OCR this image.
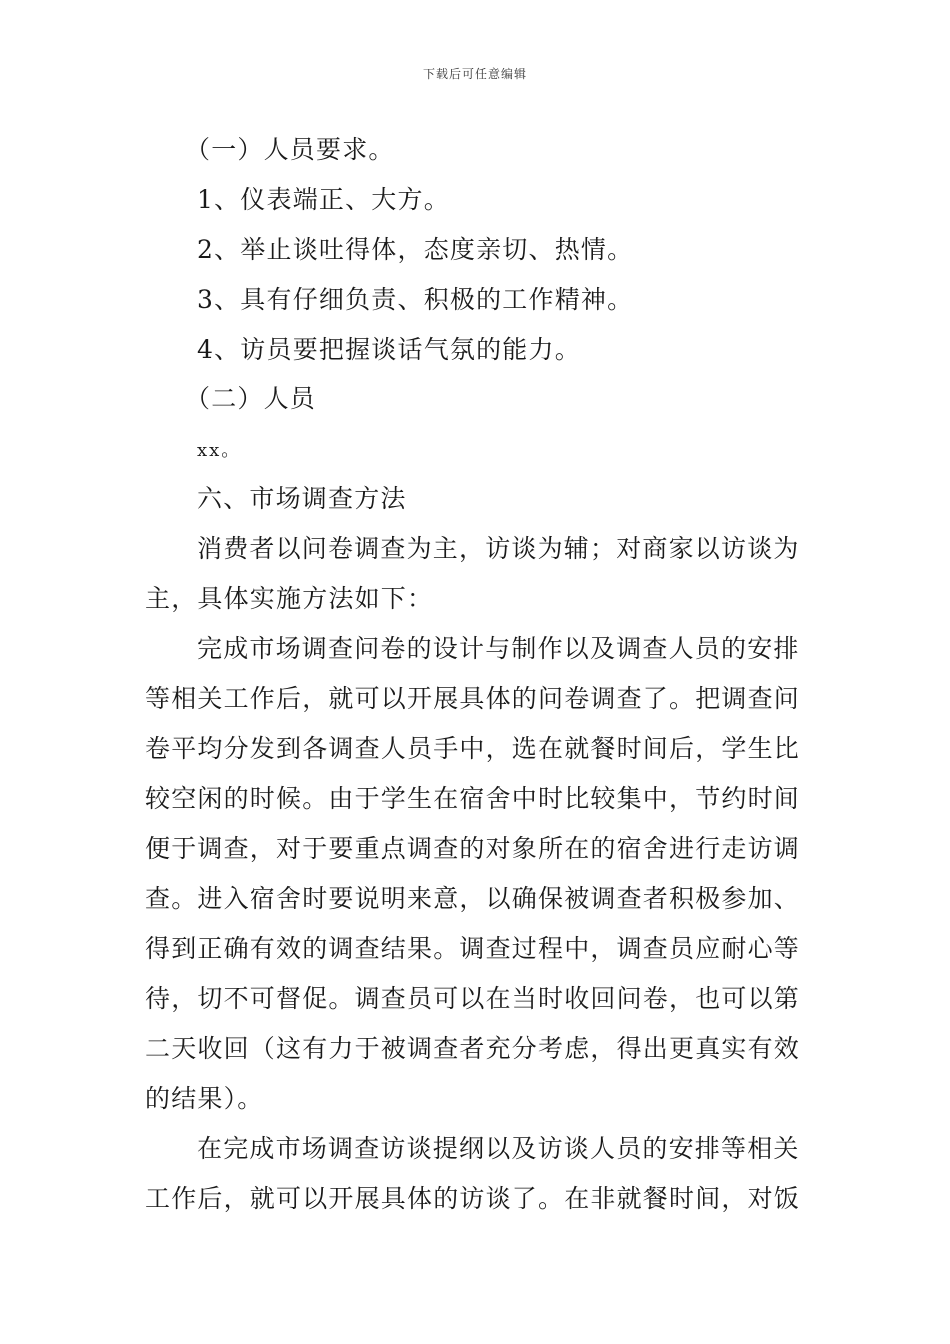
下载后可任意编辑
（一）人员要求。
1、仪表端正、大方。
2、举止谈吐得体，态度亲切、热情。
3、具有仔细负责、积极的工作精神。
4、访员要把握谈话气氛的能力。
（二）人员
xx。
六、市场调查方法
消费者以问卷调查为主，访谈为辅；对商家以访谈为
主，具体实施方法如下：
完成市场调查问卷的设计与制作以及调查人员的安排
等相关工作后，就可以开展具体的问卷调查了。把调查问
卷平均分发到各调查人员手中，选在就餐时间后，学生比
较空闲的时候。由于学生在宿舍中时比较集中，节约时间
便于调查，对于要重点调查的对象所在的宿舍进行走访调
查。进入宿舍时要说明来意，以确保被调查者积极参加、
得到正确有效的调查结果。调查过程中，调查员应耐心等
待，切不可督促。调查员可以在当时收回问卷，也可以第
二天收回（这有力于被调查者充分考虑，得出更真实有效
的结果）。
在完成市场调查访谈提纲以及访谈人员的安排等相关
工作后，就可以开展具体的访谈了。在非就餐时间，对饭
